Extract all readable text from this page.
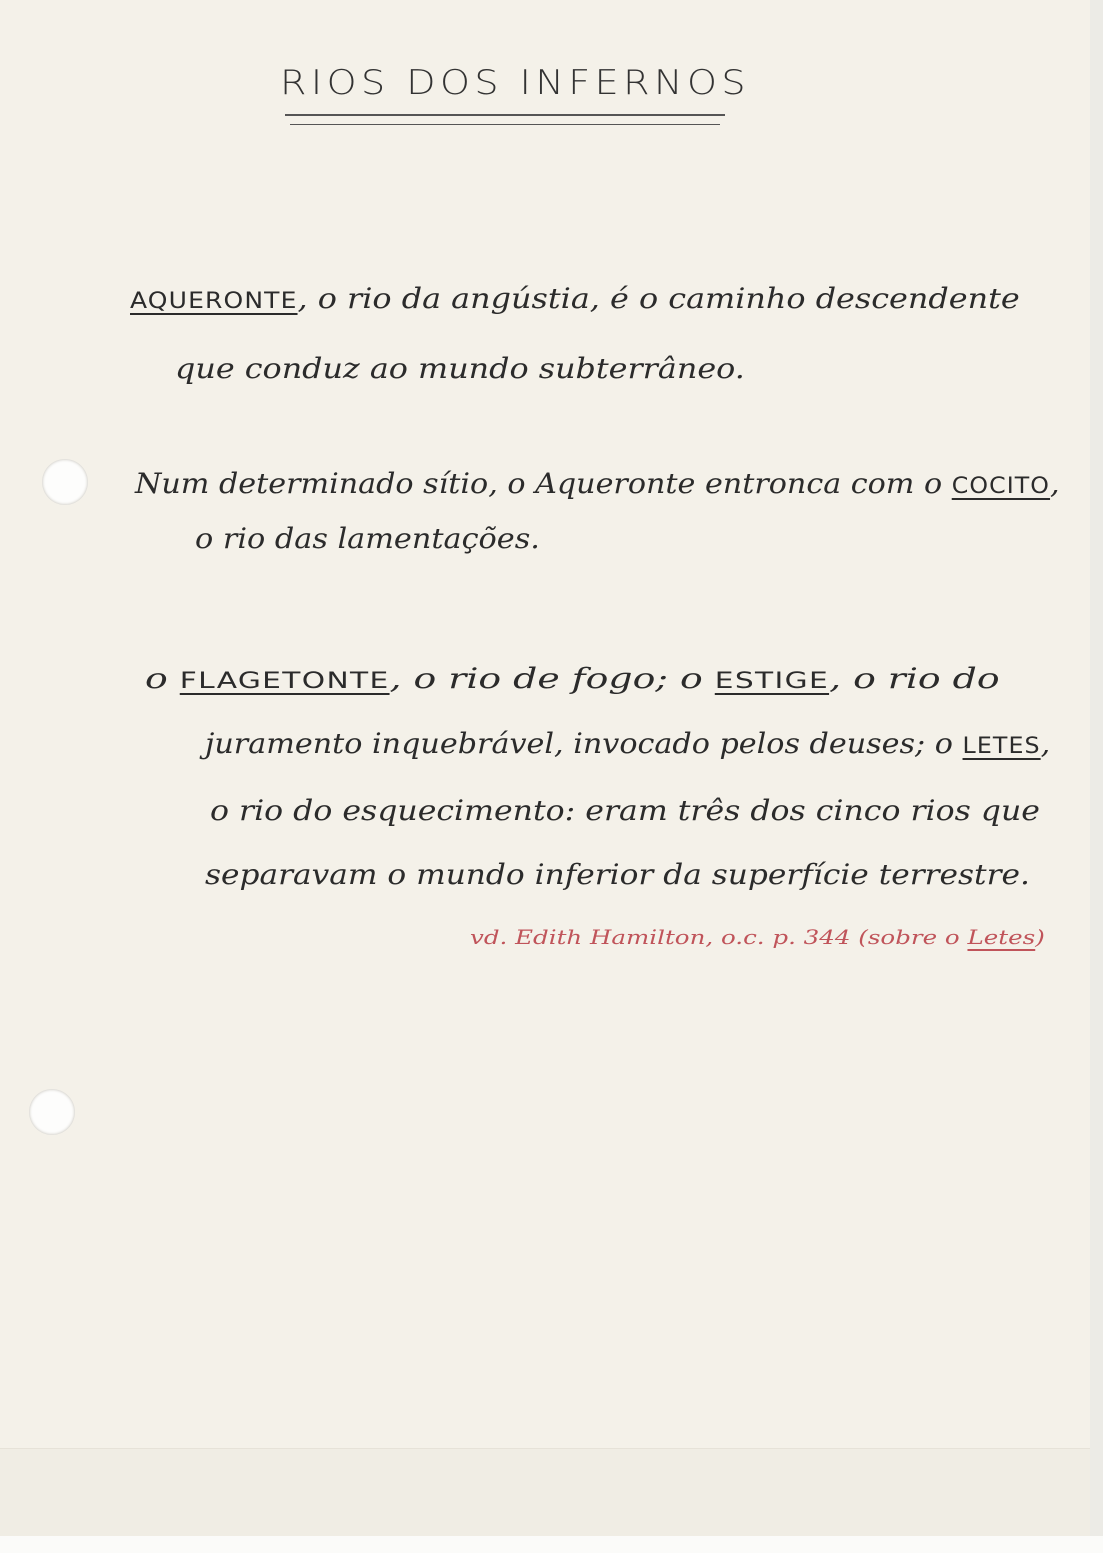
RIOS DOS INFERNOS
AQUERONTE, o rio da angústia, é o caminho descendente
que conduz ao mundo subterrâneo.
Num determinado sítio, o Aqueronte entronca com o COCITO,
o rio das lamentações.
o FLAGETONTE, o rio de fogo; o ESTIGE, o rio do
juramento inquebrável, invocado pelos deuses; o LETES,
o rio do esquecimento: eram três dos cinco rios que
separavam o mundo inferior da superfície terrestre.
vd. Edith Hamilton, o.c. p. 344 (sobre o Letes)
